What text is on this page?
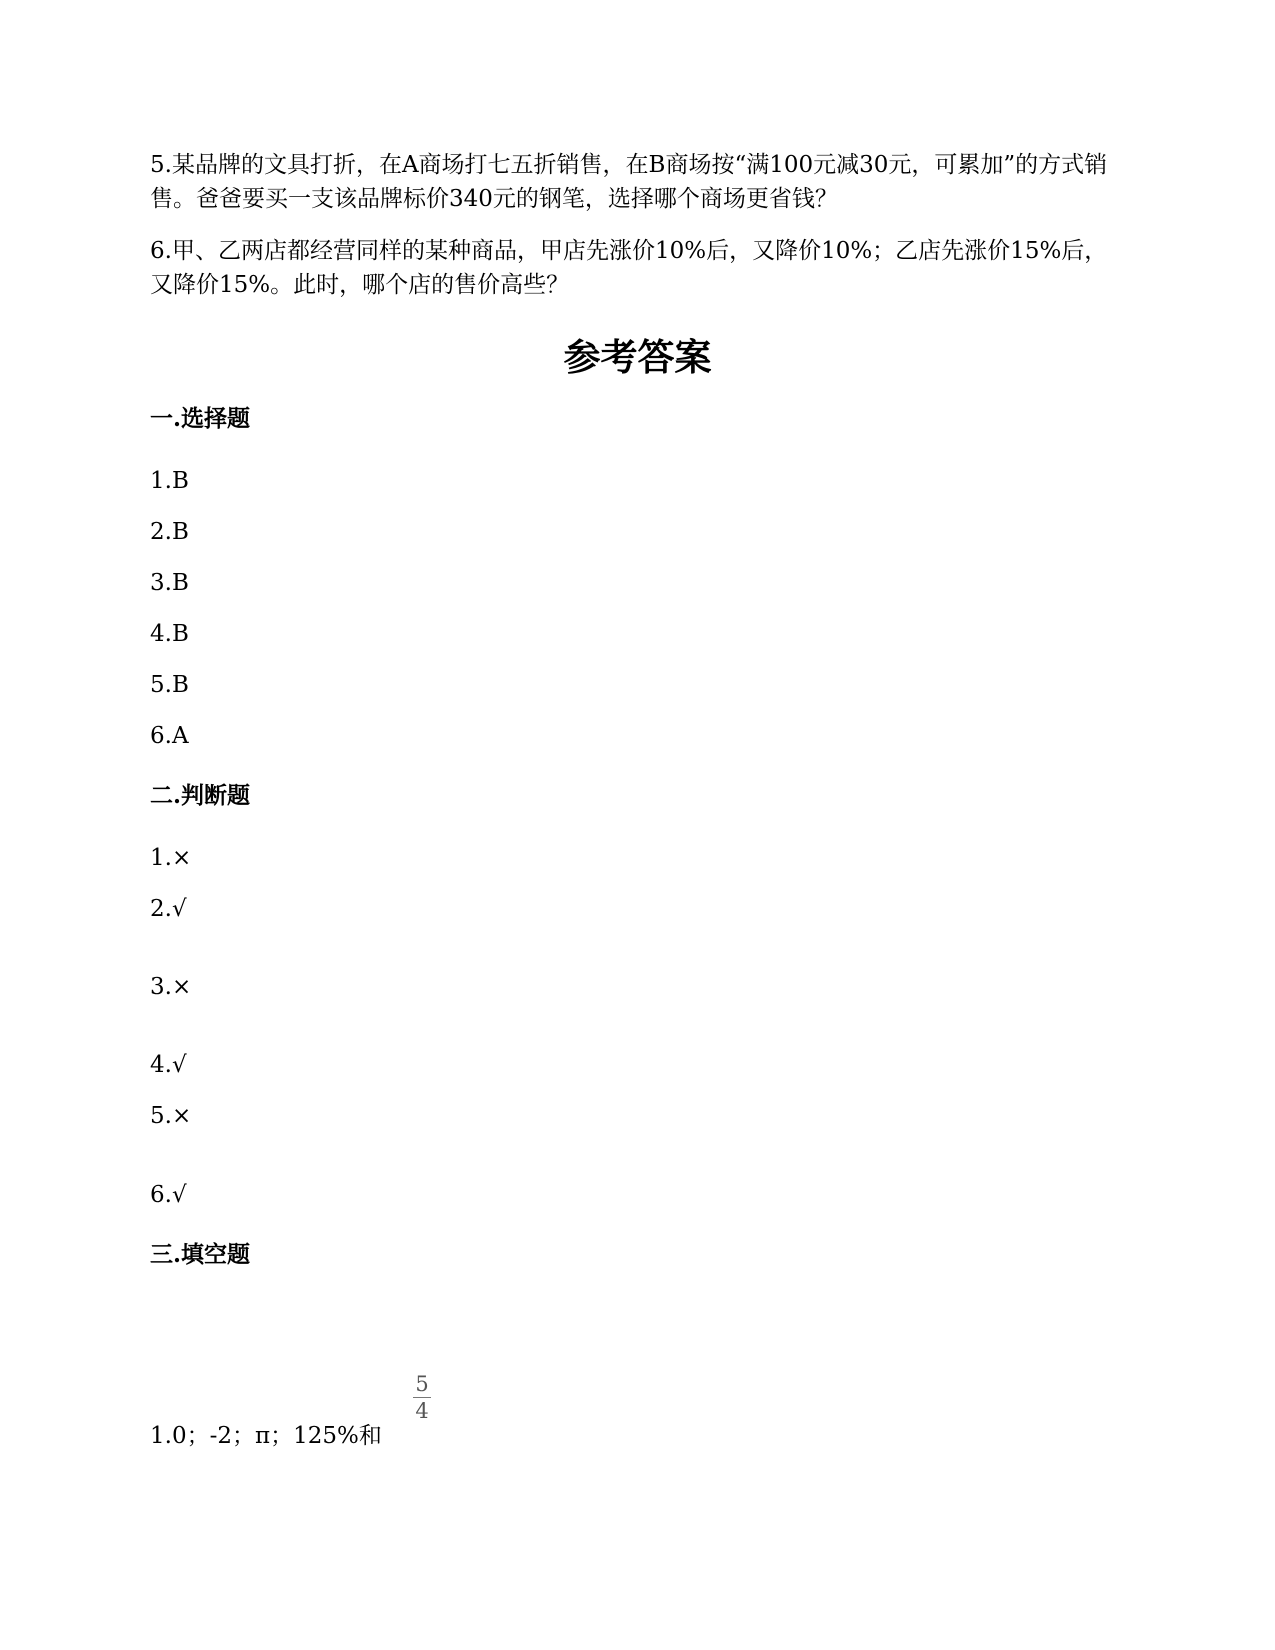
5.某品牌的文具打折，在A商场打七五折销售，在B商场按“满100元减30元，可累加”的方式销售。爸爸要买一支该品牌标价340元的钢笔，选择哪个商场更省钱？

6.甲、乙两店都经营同样的某种商品，甲店先涨价10%后，又降价10%；乙店先涨价15%后，又降价15%。此时，哪个店的售价高些？

参考答案
一.选择题

1.B

2.B

3.B

4.B

5.B

6.A

二.判断题

1.×

2.√

3.×

4.√

5.×

6.√

三.填空题

1.0；-2；π；125%和

5
4
